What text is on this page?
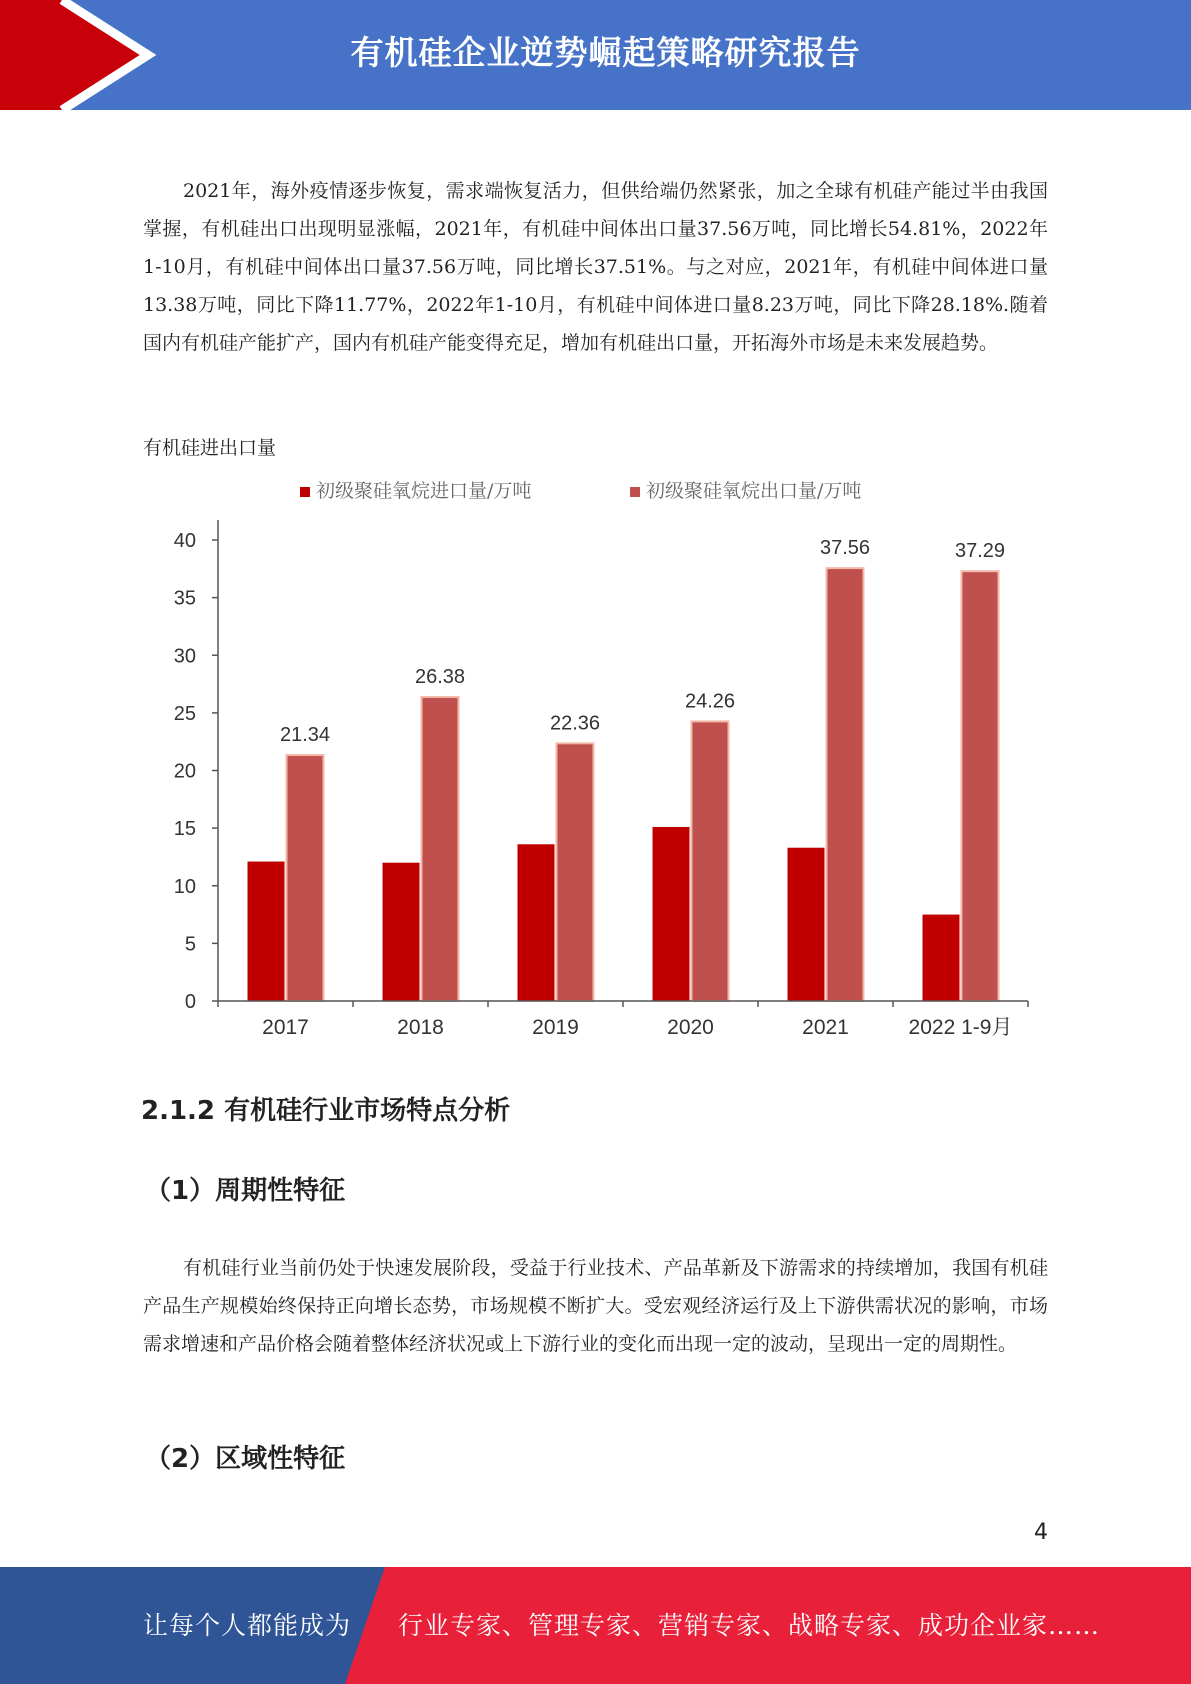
有机硅企业逆势崛起策略研究报告

2021年，海外疫情逐步恢复，需求端恢复活力，但供给端仍然紧张，加之全球有机硅产能过半由我国掌握，有机硅出口出现明显涨幅，2021年，有机硅中间体出口量37.56万吨，同比增长54.81%，2022年1-10月，有机硅中间体出口量37.56万吨，同比增长37.51%。与之对应，2021年，有机硅中间体进口量13.38万吨，同比下降11.77%，2022年1-10月，有机硅中间体进口量8.23万吨，同比下降28.18%.随着国内有机硅产能扩产，国内有机硅产能变得充足，增加有机硅出口量，开拓海外市场是未来发展趋势。

有机硅进出口量

初级聚硅氧烷进口量/万吨	初级聚硅氧烷出口量/万吨
21.34
26.38
22.36
24.26
37.56	37.29
0
5
10
15
20
25
30
35
40
2017	2018	2019	2020	2021	2022 1-9月
2.1.2 有机硅行业市场特点分析
（1）周期性特征

有机硅行业当前仍处于快速发展阶段，受益于行业技术、产品革新及下游需求的持续增加，我国有机硅产品生产规模始终保持正向增长态势，市场规模不断扩大。受宏观经济运行及上下游供需状况的影响，市场需求增速和产品价格会随着整体经济状况或上下游行业的变化而出现一定的波动，呈现出一定的周期性。

（2）区域性特征
4
让每个人都能成为 行业专家、管理专家、营销专家、战略专家、成功企业家……
